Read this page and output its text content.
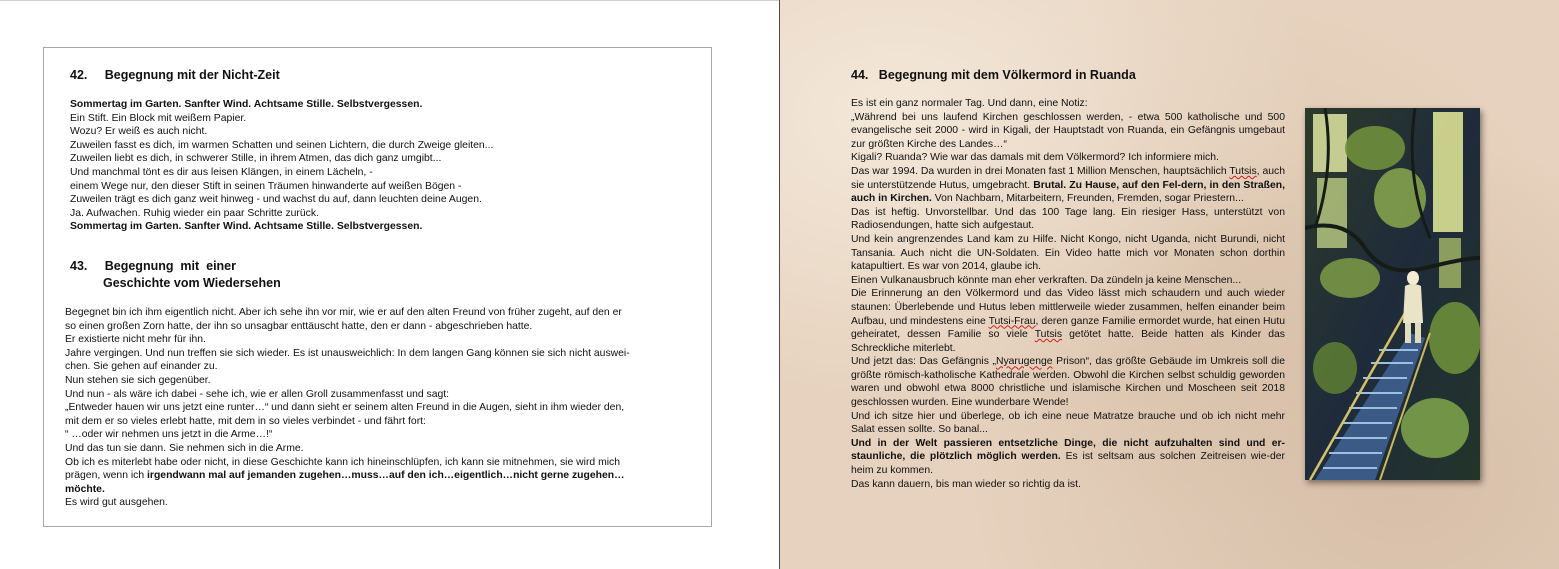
42.     Begegnung mit der Nicht-Zeit

Sommertag im Garten. Sanfter Wind. Achtsame Stille. Selbstvergessen.

Ein Stift. Ein Block mit weißem Papier.

Wozu? Er weiß es auch nicht.

Zuweilen fasst es dich, im warmen Schatten und seinen Lichtern, die durch Zweige gleiten...

Zuweilen liebt es dich, in schwerer Stille, in ihrem Atmen, das dich ganz umgibt...

Und manchmal tönt es dir aus leisen Klängen, in einem Lächeln, -

einem Wege nur, den dieser Stift in seinen Träumen hinwanderte auf weißen Bögen -

Zuweilen trägt es dich ganz weit hinweg - und wachst du auf, dann leuchten deine Augen.

Ja. Aufwachen. Ruhig wieder ein paar Schritte zurück.

Sommertag im Garten. Sanfter Wind. Achtsame Stille. Selbstvergessen.

43.     Begegnung  mit  einer
Geschichte vom Wiedersehen

Begegnet bin ich ihm eigentlich nicht. Aber ich sehe ihn vor mir, wie er auf den alten Freund von früher zugeht, auf den er

so einen großen Zorn hatte, der ihn so unsagbar enttäuscht hatte, den er dann - abgeschrieben hatte.

Er existierte nicht mehr für ihn.

Jahre vergingen. Und nun treffen sie sich wieder. Es ist unausweichlich: In dem langen Gang können sie sich nicht auswei-

chen. Sie gehen auf einander zu.

Nun stehen sie sich gegenüber.

Und nun - als wäre ich dabei - sehe ich, wie er allen Groll zusammenfasst und sagt:

„Entweder hauen wir uns jetzt eine runter…“ und dann sieht er seinem alten Freund in die Augen, sieht in ihm wieder den,

mit dem er so vieles erlebt hatte, mit dem in so vieles verbindet - und fährt fort:

“ …oder wir nehmen uns jetzt in die Arme…!“

Und das tun sie dann. Sie nehmen sich in die Arme.

Ob ich es miterlebt habe oder nicht, in diese Geschichte kann ich hineinschlüpfen, ich kann sie mitnehmen, sie wird mich

prägen, wenn ich irgendwann mal auf jemanden zugehen…muss…auf den ich…eigentlich…nicht gerne zugehen…

möchte.

Es wird gut ausgehen.

44.   Begegnung mit dem Völkermord in Ruanda

Es ist ein ganz normaler Tag. Und dann, eine Notiz:

„Während bei uns laufend Kirchen geschlossen werden, - etwa 500 katholische und 500 evangelische seit 2000 - wird in Kigali, der Hauptstadt von Ruanda, ein Gefängnis umgebaut zur größten Kirche des Landes…“

Kigali? Ruanda? Wie war das damals mit dem Völkermord? Ich informiere mich.

Das war 1994. Da wurden in drei Monaten fast 1 Million Menschen, hauptsächlich Tutsis, auch sie unterstützende Hutus, umgebracht. Brutal. Zu Hause, auf den Fel-dern, in den Straßen, auch in Kirchen. Von Nachbarn, Mitarbeitern, Freunden, Fremden, sogar Priestern...

Das ist heftig. Unvorstellbar. Und das 100 Tage lang. Ein riesiger Hass, unterstützt von Radiosendungen, hatte sich aufgestaut.

Und kein angrenzendes Land kam zu Hilfe. Nicht Kongo, nicht Uganda, nicht Burundi, nicht Tansania. Auch nicht die UN-Soldaten. Ein Video hatte mich vor Monaten schon dorthin katapultiert. Es war von 2014, glaube ich.

Einen Vulkanausbruch könnte man eher verkraften. Da zündeln ja keine Menschen...

Die Erinnerung an den Völkermord und das Video lässt mich schaudern und auch wieder staunen: Überlebende und Hutus leben mittlerweile wieder zusammen, helfen einander beim Aufbau, und mindestens eine Tutsi-Frau, deren ganze Familie ermordet wurde, hat einen Hutu geheiratet, dessen Familie so viele Tutsis getötet hatte. Beide hatten als Kinder das Schreckliche miterlebt.

Und jetzt das: Das Gefängnis „Nyarugenge Prison“, das größte Gebäude im Umkreis soll die größte römisch-katholische Kathedrale werden. Obwohl die Kirchen selbst schuldig geworden waren und obwohl etwa 8000 christliche und islamische Kirchen und Moscheen seit 2018 geschlossen wurden. Eine wunderbare Wende!

Und ich sitze hier und überlege, ob ich eine neue Matratze brauche und ob ich nicht mehr Salat essen sollte. So banal...

Und in der Welt passieren entsetzliche Dinge, die nicht aufzuhalten sind und er-staunliche, die plötzlich möglich werden. Es ist seltsam aus solchen Zeitreisen wie-der heim zu kommen.

Das kann dauern, bis man wieder so richtig da ist.
